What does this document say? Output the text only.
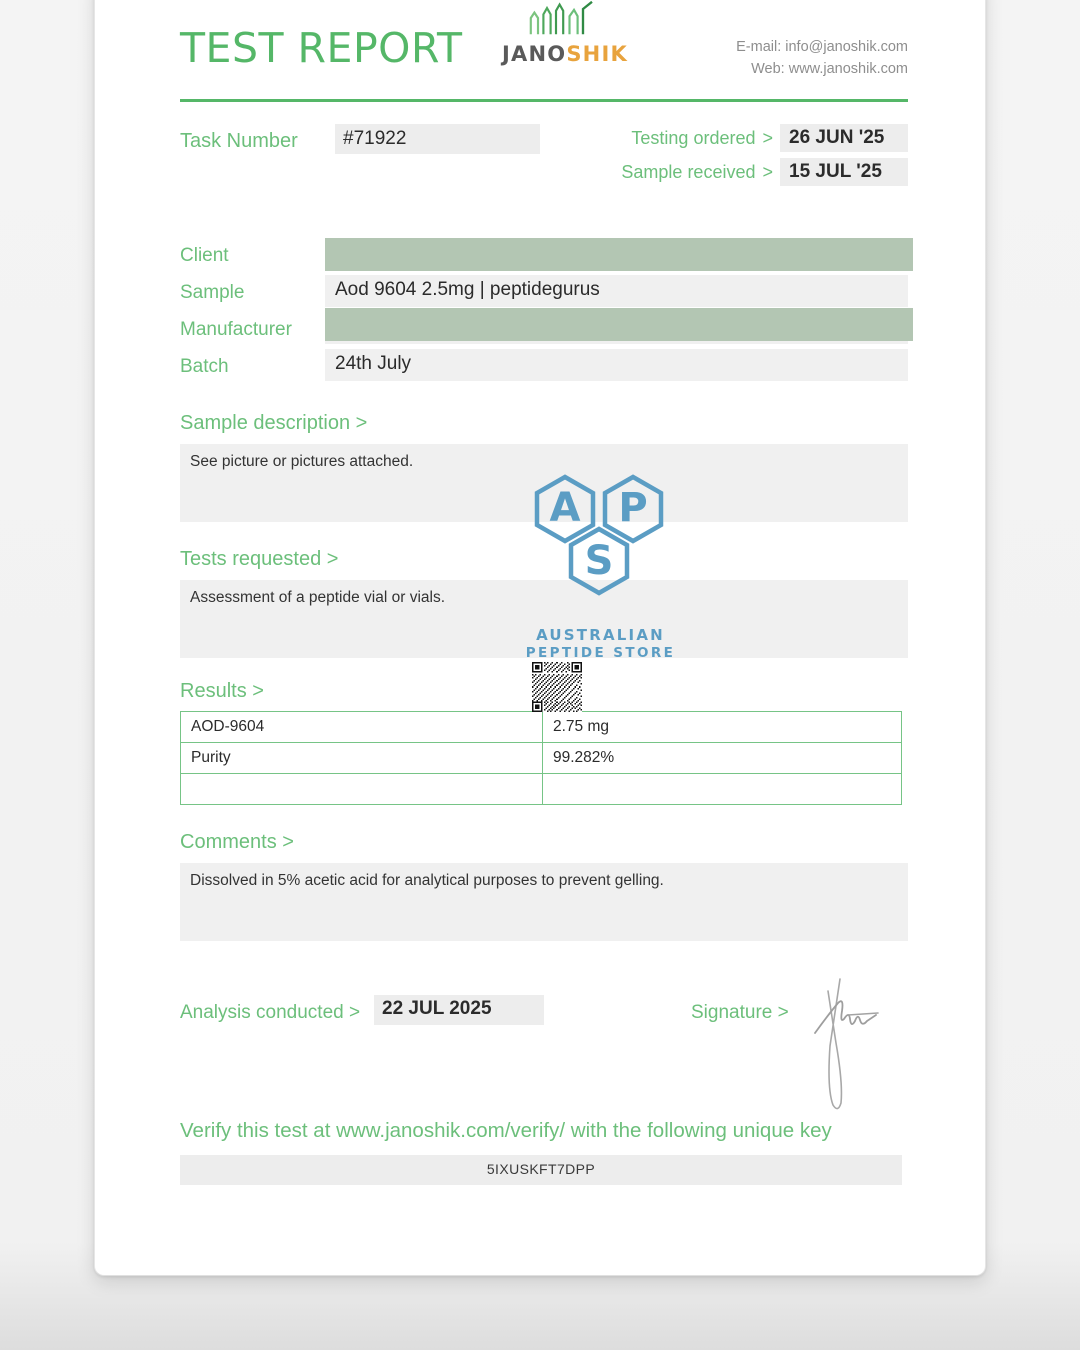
TEST REPORT	JANOSHIK	E-mail: info@janoshik.com
Web: www.janoshik.com
Task Number	#71922	Testing ordered > 26 JUN '25
Sample received > 15 JUL '25
Client
Sample	Aod 9604 2.5mg | peptidegurus
Manufacturer
Batch	24th July
Sample description >
See picture or pictures attached.
Tests requested >
Assessment of a peptide vial or vials.
Results >
AOD-9604	2.75 mg
Purity	99.282%

Comments >
Dissolved in 5% acetic acid for analytical purposes to prevent gelling.
Analysis conducted >	22 JUL 2025	Signature >
Verify this test at www.janoshik.com/verify/ with the following unique key
5IXUSKFT7DPP
A P
S
AUSTRALIAN
PEPTIDE STORE
